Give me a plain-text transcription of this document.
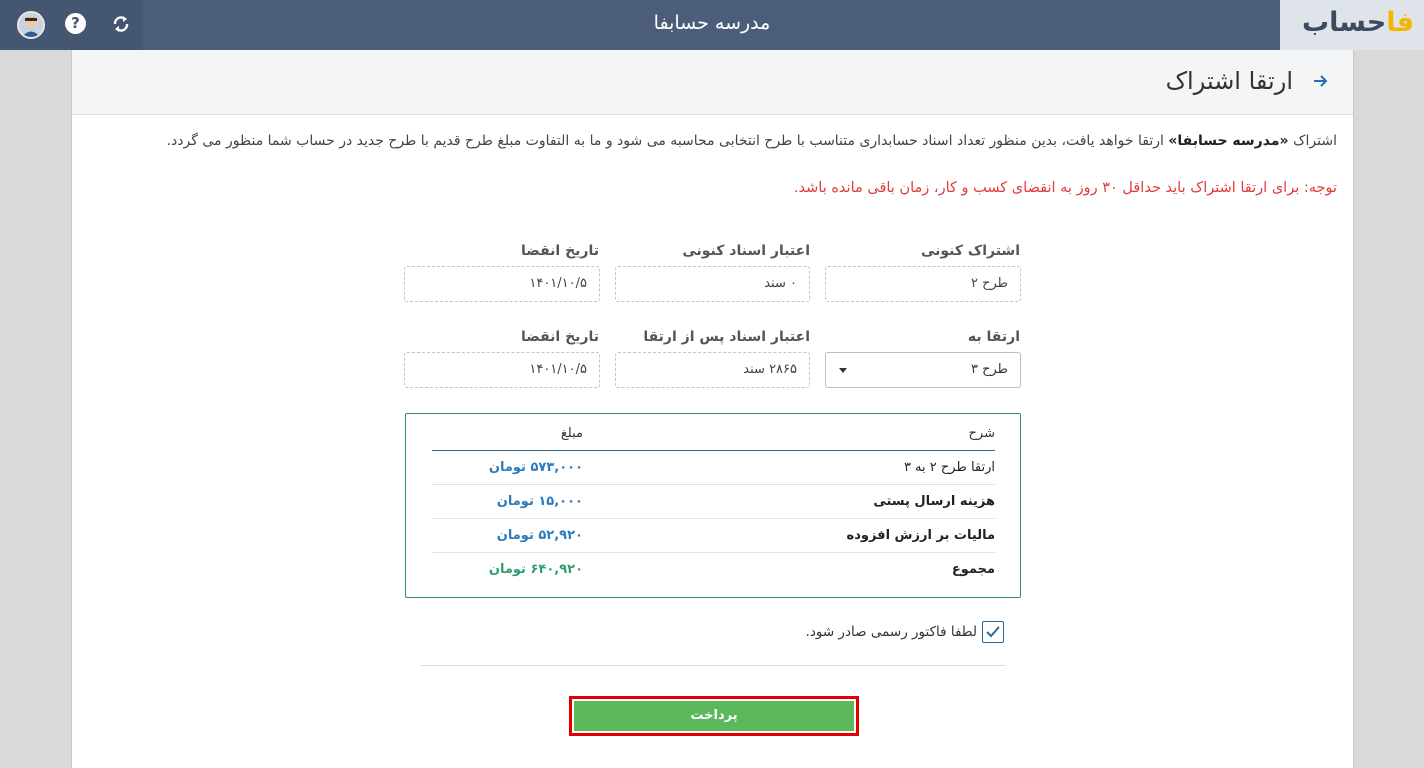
مدرسه حسابفا	فاحساب
?
ارتقا اشتراک
اشتراک «مدرسه حسابفا» ارتقا خواهد یافت، بدین منظور تعداد اسناد حسابداری متناسب با طرح انتخابی محاسبه می شود و ما به التفاوت مبلغ طرح قدیم با طرح جدید در حساب شما منظور می گردد.
توجه: برای ارتقا اشتراک باید حداقل ۳۰ روز به انقضای کسب و کار، زمان باقی مانده باشد.
اشتراک کنونی
طرح ۲
اعتبار اسناد کنونی
۰ سند
تاریخ انقضا
۱۴۰۱/۱۰/۵
ارتقا به
طرح ۳
اعتبار اسناد پس از ارتقا
۲۸۶۵ سند
تاریخ انقضا
۱۴۰۱/۱۰/۵
شرح
مبلغ
ارتقا طرح ۲ به ۳
۵۷۳,۰۰۰ تومان
هزینه ارسال پستی
۱۵,۰۰۰ تومان
مالیات بر ارزش افزوده
۵۲,۹۲۰ تومان
مجموع
۶۴۰,۹۲۰ تومان
لطفا فاکتور رسمی صادر شود.
پرداخت
